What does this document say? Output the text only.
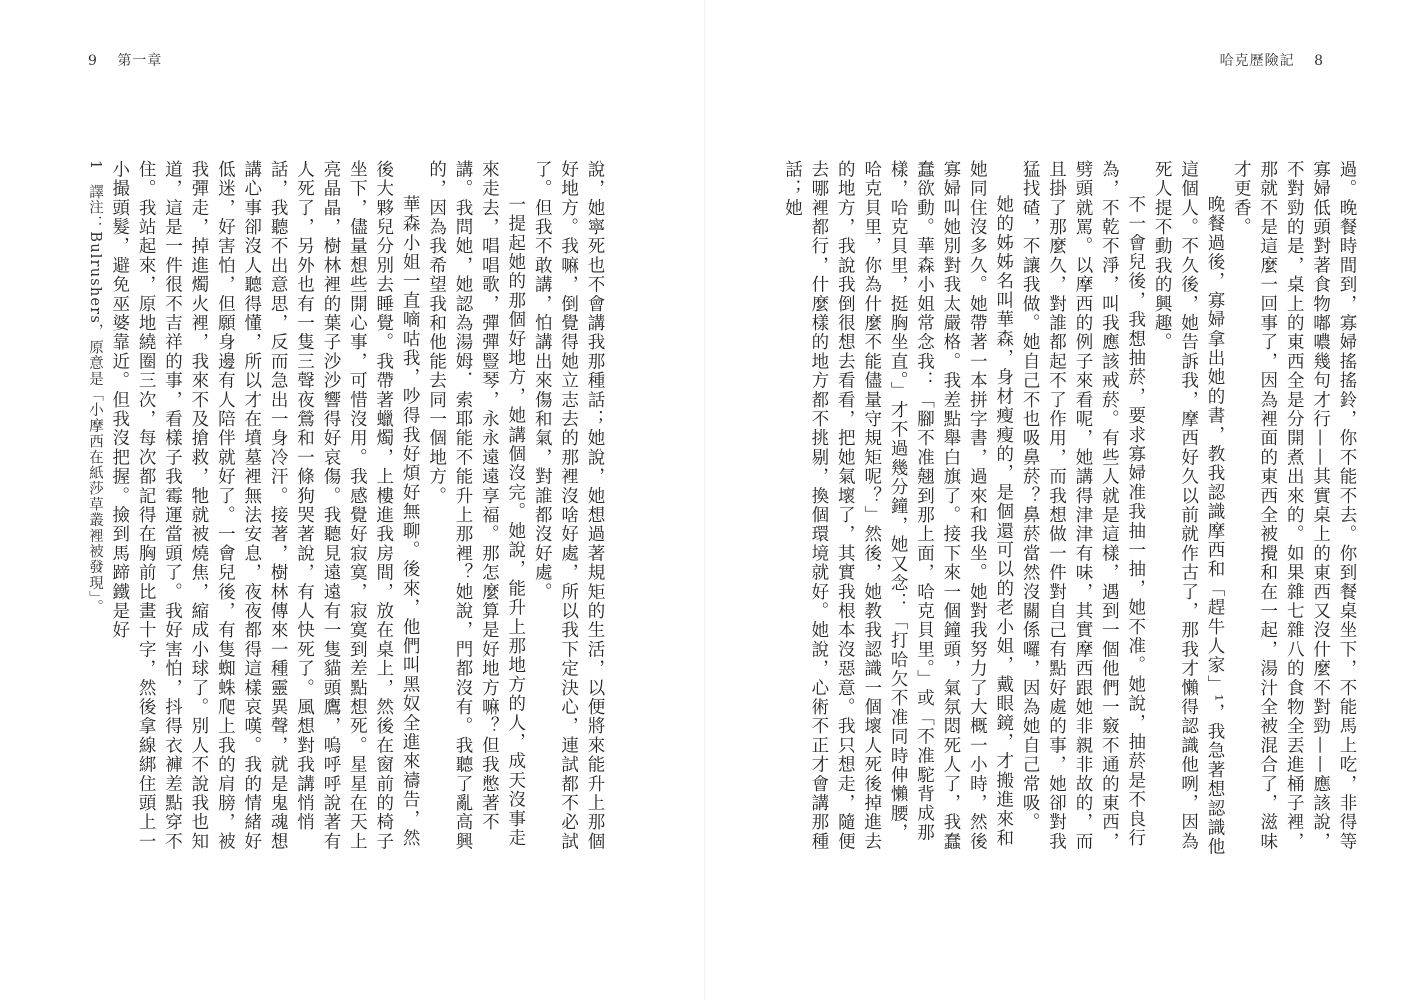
9 第一章

說，她寧死也不會講我那種話；她說，她想過著規矩的生活，以便將來能升上那個好地方。我嘛，倒覺得她立志去的那裡沒啥好處，所以我下定決心，連試都不必試了。但我不敢講，怕講出來傷和氣，對誰都沒好處。

一提起她的那個好地方，她講個沒完。她說，能升上那地方的人，成天沒事走來走去，唱唱歌，彈彈豎琴，永永遠遠享福。那怎麼算是好地方嘛？但我憋著不講。我問她，她認為湯姆．索耶能不能升上那裡？她說，門都沒有。我聽了亂高興的，因為我希望我和他能去同一個地方。

華森小姐一直嘀咕我，吵得我好煩好無聊。後來，他們叫黑奴全進來禱告，然後大夥兒分別去睡覺。我帶著蠟燭，上樓進我房間，放在桌上，然後在窗前的椅子坐下，儘量想些開心事，可惜沒用。我感覺好寂寞，寂寞到差點想死。星星在天上亮晶晶，樹林裡的葉子沙沙響得好哀傷。我聽見遠遠有一隻貓頭鷹，嗚呼呼說著有人死了，另外也有一隻三聲夜鶯和一條狗哭著說，有人快死了。風想對我講悄悄話，我聽不出意思，反而急出一身冷汗。接著，樹林傳來一種靈異聲，就是鬼魂想講心事卻沒人聽得懂，所以才在墳墓裡無法安息，夜夜都得這樣哀嘆。我的情緒好低迷，好害怕，但願身邊有人陪伴就好了。一會兒後，有隻蜘蛛爬上我的肩膀，被我彈走，掉進燭火裡，我來不及搶救，牠就被燒焦，縮成小球了。別人不說我也知道，這是一件很不吉祥的事，看樣子我霉運當頭了。我好害怕，抖得衣褲差點穿不住。我站起來，原地繞圈三次，每次都記得在胸前比畫十字，然後拿線綁住頭上一小撮頭髮，避免巫婆靠近。但我沒把握。撿到馬蹄鐵是好

1 譯注：Bulrushers，原意是「小摩西在紙莎草叢裡被發現」。
哈克歷險記 8

過。晚餐時間到，寡婦搖搖鈴，你不能不去。你到餐桌坐下，不能馬上吃，非得等寡婦低頭對著食物嘟噥幾句才行——其實桌上的東西又沒什麼不對勁——應該說，不對勁的是，桌上的東西全是分開煮出來的。如果雜七雜八的食物全丟進桶子裡，那就不是這麼一回事了，因為裡面的東西全被攪和在一起，湯汁全被混合了，滋味才更香。

晚餐過後，寡婦拿出她的書，教我認識摩西和「趕牛人家」¹，我急著想認識他這個人。不久後，她告訴我，摩西好久以前就作古了，那我才懶得認識他咧，因為死人提不動我的興趣。

不一會兒後，我想抽菸，要求寡婦准我抽一抽，她不准。她說，抽菸是不良行為，不乾不淨，叫我應該戒菸。有些人就是這樣，遇到一個他們一竅不通的東西，劈頭就罵。以摩西的例子來看呢，她講得津津有味，其實摩西跟她非親非故的，而且掛了那麼久，對誰都起不了作用，而我想做一件對自己有點好處的事，她卻對我猛找碴，不讓我做。她自己不也吸鼻菸？鼻菸當然沒關係囉，因為她自己常吸。

她的姊姊名叫華森，身材瘦瘦的，是個還可以的老小姐，戴眼鏡，才搬進來和她同住沒多久。她帶著一本拼字書，過來和我坐。她對我努力了大概一小時，然後寡婦叫她別對我太嚴格。我差點舉白旗了。接下來一個鐘頭，氣氛悶死人了，我蠢蠢欲動。華森小姐常念我：「腳不准翹到那上面，哈克貝里。」或「不准駝背成那樣，哈克貝里，挺胸坐直。」才不過幾分鐘，她又念：「打哈欠不准同時伸懶腰，哈克貝里，你為什麼不能儘量守規矩呢？」然後，她教我認識一個壞人死後掉進去的地方，我說我倒很想去看看，把她氣壞了，其實我根本沒惡意。我只想走，隨便去哪裡都行，什麼樣的地方都不挑剔，換個環境就好。她說，心術不正才會講那種話；她
